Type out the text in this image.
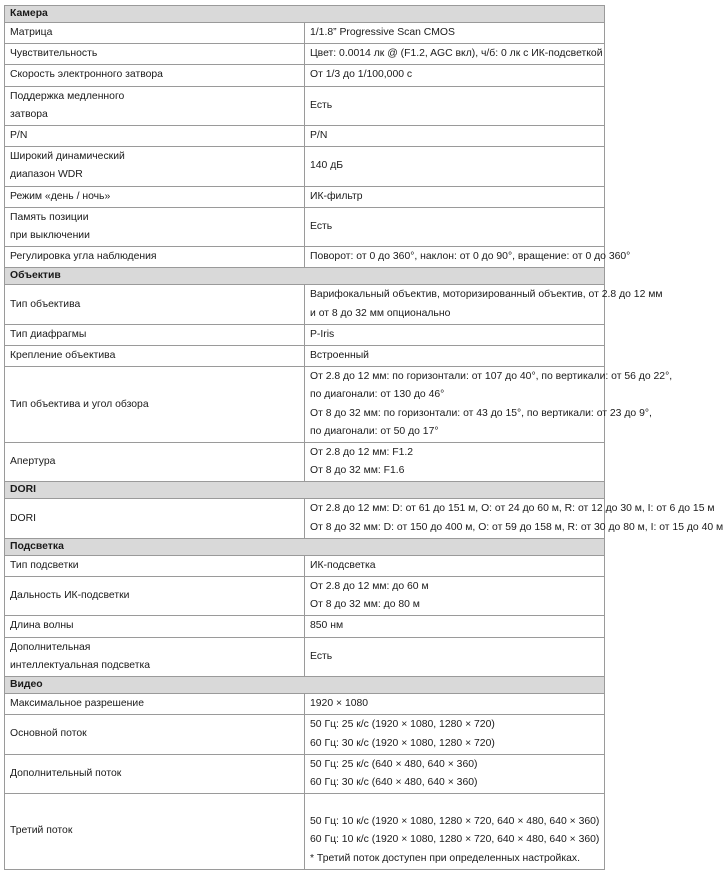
Камера	

Матрица	1/1.8” Progressive Scan CMOS

Чувствительность	Цвет: 0.0014 лк @ (F1.2, AGC вкл), ч/б: 0 лк с ИК-подсветкой

Скорость электронного затвора	От 1/3 до 1/100,000 с

Поддержка медленного
затвора	Есть

P/N	P/N

Широкий динамический
диапазон WDR	140 дБ

Режим «день / ночь»	ИК-фильтр

Память позиции
при выключении	Есть

Регулировка угла наблюдения	Поворот: от 0 до 360°, наклон: от 0 до 90°, вращение: от 0 до 360°

Объектив	

Тип объектива	Варифокальный объектив, моторизированный объектив, от 2.8 до 12 мм
и от 8 до 32 мм опционально

Тип диафрагмы	P-Iris

Крепление объектива	Встроенный

Тип объектива и угол обзора	От 2.8 до 12 мм: по горизонтали: от 107 до 40°, по вертикали: от 56 до 22°,
по диагонали: от 130 до 46°
От 8 до 32 мм: по горизонтали: от 43 до 15°, по вертикали: от 23 до 9°,
по диагонали: от 50 до 17°

Апертура	От 2.8 до 12 мм: F1.2
От 8 до 32 мм: F1.6

DORI	

DORI	От 2.8 до 12 мм: D: от 61 до 151 м, O: от 24 до 60 м, R: от 12 до 30 м, I: от 6 до 15 м
От 8 до 32 мм: D: от 150 до 400 м, O: от 59 до 158 м, R: от 30 до 80 м, I: от 15 до 40 м

Подсветка	

Тип подсветки	ИК-подсветка

Дальность ИК-подсветки	От 2.8 до 12 мм: до 60 м
От 8 до 32 мм: до 80 м

Длина волны	850 нм

Дополнительная
интеллектуальная подсветка	Есть

Видео	

Максимальное разрешение	1920 × 1080

Основной поток	50 Гц: 25 к/с (1920 × 1080, 1280 × 720)
60 Гц: 30 к/с (1920 × 1080, 1280 × 720)

Дополнительный поток	50 Гц: 25 к/с (640 × 480, 640 × 360)
60 Гц: 30 к/с (640 × 480, 640 × 360)

Третий поток	50 Гц: 10 к/с (1920 × 1080, 1280 × 720, 640 × 480, 640 × 360)
60 Гц: 10 к/с (1920 × 1080, 1280 × 720, 640 × 480, 640 × 360)
* Третий поток доступен при определенных настройках.
